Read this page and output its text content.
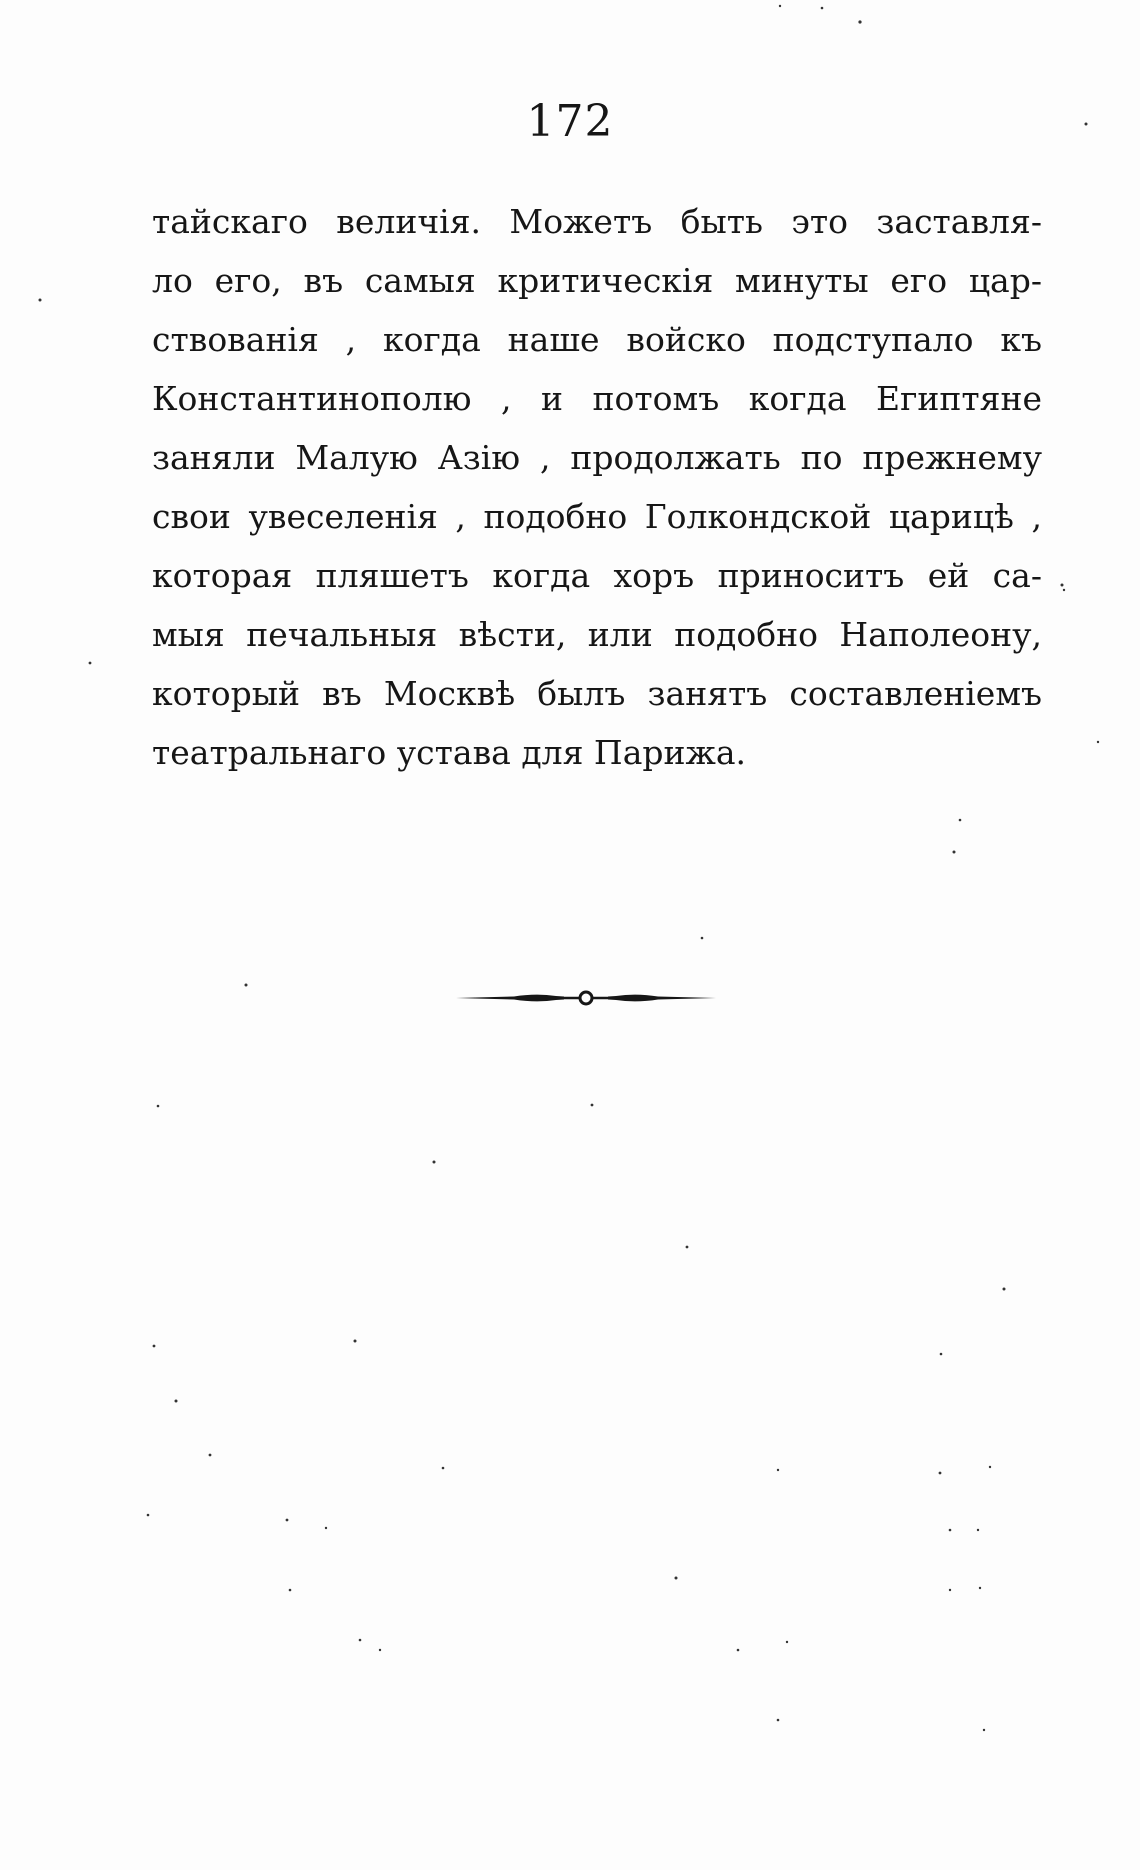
172
тайскаго величія. Можетъ быть это заставля-
ло его, въ самыя критическія минуты его цар-
ствованія , когда наше войско подступало къ
Константинополю , и потомъ когда Египтяне
заняли Малую Азію , продолжать по прежнему
свои увеселенія , подобно Голкондской царицѣ ,
которая пляшетъ когда хоръ приноситъ ей са-
мыя печальныя вѣсти, или подобно Наполеону,
который въ Москвѣ былъ занятъ составленіемъ
театральнаго устава для Парижа.
